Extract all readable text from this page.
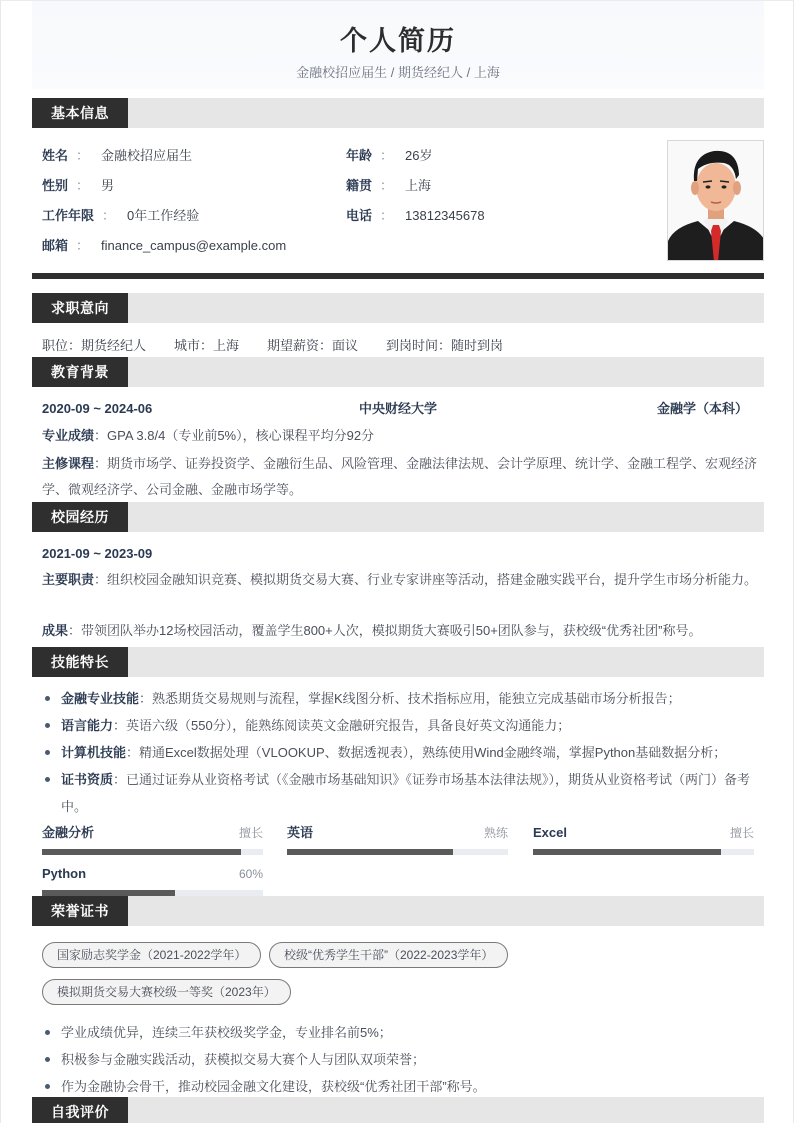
个人简历
金融校招应届生 / 期货经纪人 / 上海
基本信息
姓名 ： 金融校招应届生
性别 ： 男
工作年限 ： 0年工作经验
邮箱 ： finance_campus@example.com
年龄 ： 26岁
籍贯 ： 上海
电话 ： 13812345678
求职意向
职位：期货经纪人 城市：上海 期望薪资：面议 到岗时间：随时到岗
教育背景
2020-09 ~ 2024-06	中央财经大学	金融学（本科）
专业成绩：GPA 3.8/4（专业前5%），核心课程平均分92分
主修课程：期货市场学、证券投资学、金融衍生品、风险管理、金融法律法规、会计学原理、统计学、金融工程学、宏观经济学、微观经济学、公司金融、金融市场学等。
校园经历
2021-09 ~ 2023-09
主要职责：组织校园金融知识竞赛、模拟期货交易大赛、行业专家讲座等活动，搭建金融实践平台，提升学生市场分析能力。
成果：带领团队举办12场校园活动，覆盖学生800+人次，模拟期货大赛吸引50+团队参与，获校级“优秀社团”称号。
技能特长
金融专业技能：熟悉期货交易规则与流程，掌握K线图分析、技术指标应用，能独立完成基础市场分析报告；
语言能力：英语六级（550分），能熟练阅读英文金融研究报告，具备良好英文沟通能力；
计算机技能：精通Excel数据处理（VLOOKUP、数据透视表），熟练使用Wind金融终端，掌握Python基础数据分析；
证书资质：已通过证券从业资格考试（《金融市场基础知识》《证券市场基本法律法规》），期货从业资格考试（两门）备考中。
金融分析	擅长 英语	熟练 Excel	擅长
Python	60%
荣誉证书
国家励志奖学金（2021-2022学年）	校级“优秀学生干部”（2022-2023学年）
模拟期货交易大赛校级一等奖（2023年）
学业成绩优异，连续三年获校级奖学金，专业排名前5%；
积极参与金融实践活动，获模拟交易大赛个人与团队双项荣誉；
作为金融协会骨干，推动校园金融文化建设，获校级“优秀社团干部”称号。
自我评价
